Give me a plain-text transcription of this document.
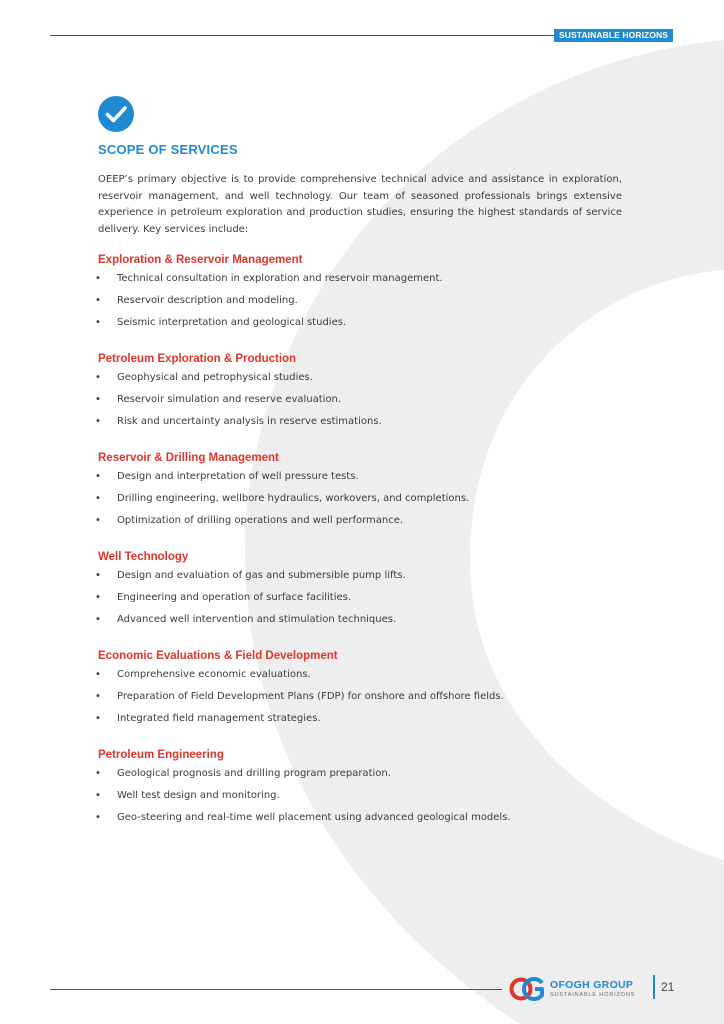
SUSTAINABLE HORIZONS
SCOPE OF SERVICES

OEEP’s primary objective is to provide comprehensive technical advice and assistance in exploration, reservoir management, and well technology. Our team of seasoned professionals brings extensive experience in petroleum exploration and production studies, ensuring the highest standards of service delivery. Key services include:

Exploration & Reservoir Management
• Technical consultation in exploration and reservoir management.
• Reservoir description and modeling.
• Seismic interpretation and geological studies.
Petroleum Exploration & Production
• Geophysical and petrophysical studies.
• Reservoir simulation and reserve evaluation.
• Risk and uncertainty analysis in reserve estimations.
Reservoir & Drilling Management
• Design and interpretation of well pressure tests.
• Drilling engineering, wellbore hydraulics, workovers, and completions.
• Optimization of drilling operations and well performance.
Well Technology
• Design and evaluation of gas and submersible pump lifts.
• Engineering and operation of surface facilities.
• Advanced well intervention and stimulation techniques.
Economic Evaluations & Field Development
• Comprehensive economic evaluations.
• Preparation of Field Development Plans (FDP) for onshore and offshore fields.
• Integrated field management strategies.
Petroleum Engineering
• Geological prognosis and drilling program preparation.
• Well test design and monitoring.
• Geo-steering and real-time well placement using advanced geological models.
OFOGH GROUP
SUSTAINABLE HORIZONS
21
